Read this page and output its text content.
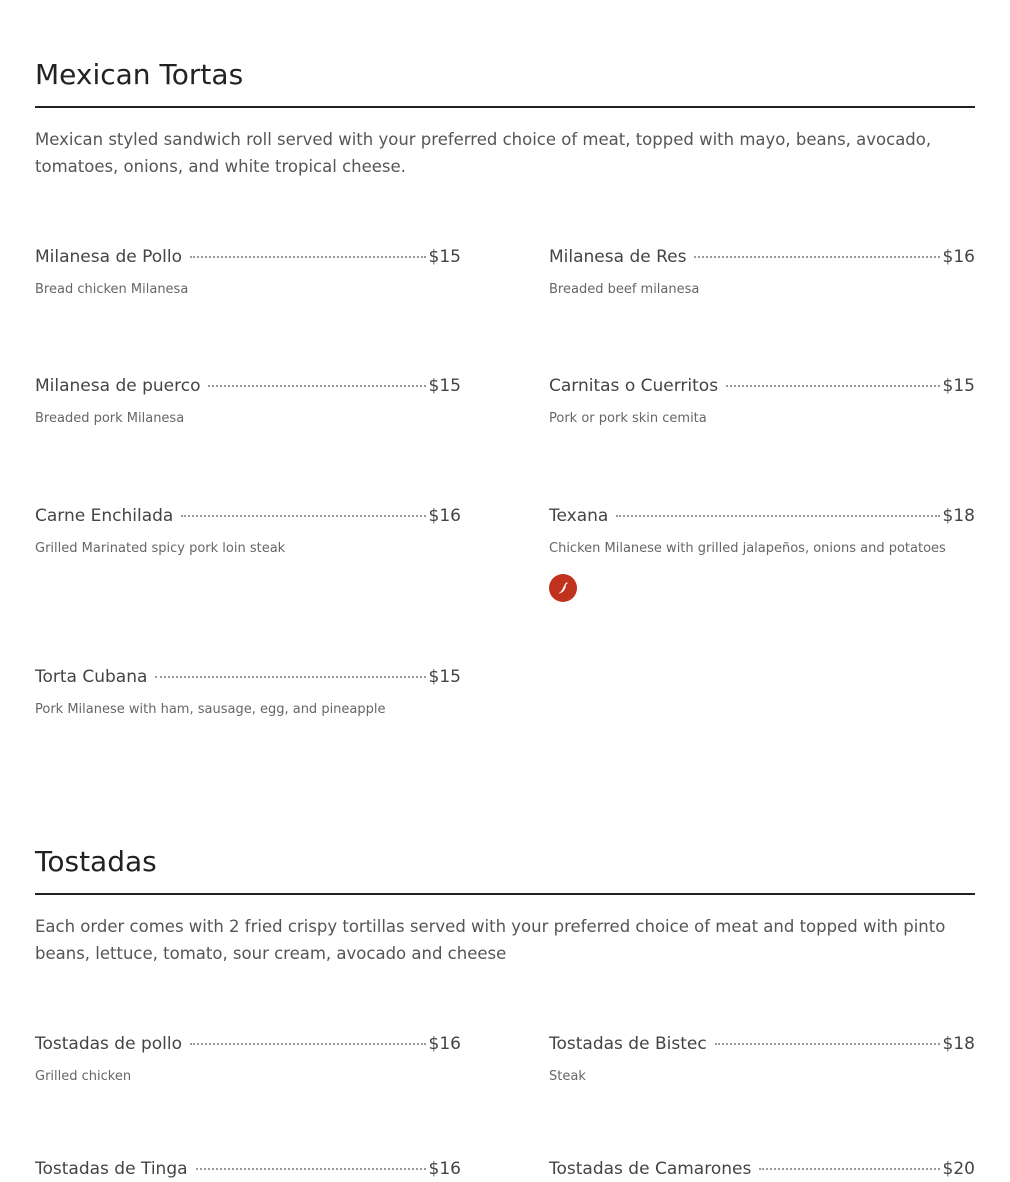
Mexican Tortas

Mexican styled sandwich roll served with your preferred choice of meat, topped with mayo, beans, avocado, tomatoes, onions, and white tropical cheese.

Milanesa de Pollo	$15
Bread chicken Milanesa
Milanesa de Res	$16
Breaded beef milanesa
Milanesa de puerco	$15
Breaded pork Milanesa
Carnitas o Cuerritos	$15
Pork or pork skin cemita
Carne Enchilada	$16
Grilled Marinated spicy pork loin steak
Texana	$18
Chicken Milanese with grilled jalapeños, onions and potatoes
Torta Cubana	$15
Pork Milanese with ham, sausage, egg, and pineapple
Tostadas

Each order comes with 2 fried crispy tortillas served with your preferred choice of meat and topped with pinto beans, lettuce, tomato, sour cream, avocado and cheese

Tostadas de pollo	$16
Grilled chicken
Tostadas de Bistec	$18
Steak
Tostadas de Tinga	$16	Tostadas de Camarones	$20
